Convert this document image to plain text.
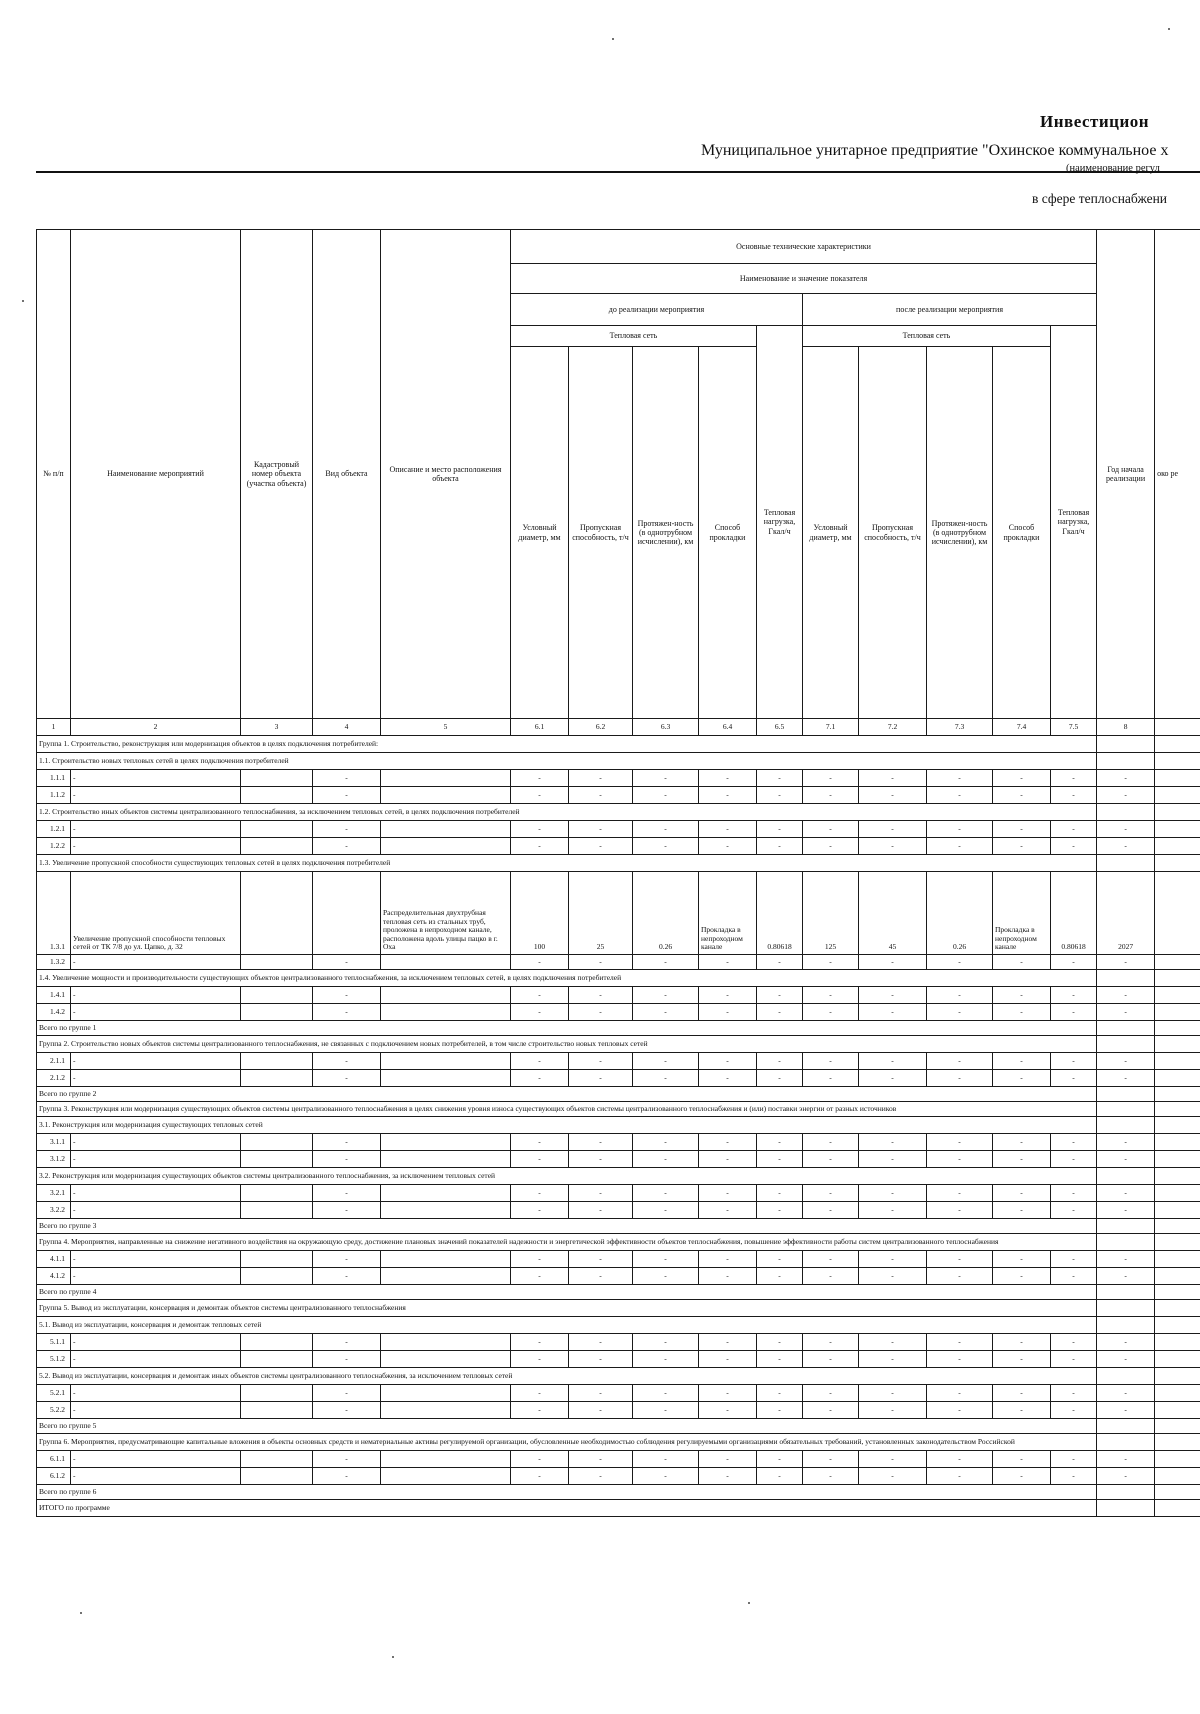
Инвестицион
Муниципальное унитарное предприятие "Охинское коммунальное х
(наименование регул
в сфере теплоснабжени
№ п/п	Наименование мероприятий	Кадастровый номер объекта (участка объекта)	Вид объекта	Описание и место расположения объекта	Основные технические характеристики										Год начала реализации	око ре
					Наименование и значение показателя											
					до реализации мероприятия					после реализации мероприятия						
					Тепловая сеть				Тепловая нагрузка, Гкал/ч	Тепловая сеть				Тепловая нагрузка, Гкал/ч		
					Условный диаметр, мм	Пропускная способность, т/ч	Протяжен-ность (в однотрубном исчислении), км	Способ прокладки		Условный диаметр, мм	Пропускная способность, т/ч	Протяжен-ность (в однотрубном исчислении), км	Способ прокладки			
1	2	3	4	5	6.1	6.2	6.3	6.4	6.5	7.1	7.2	7.3	7.4	7.5	8	
Группа 1. Строительство, реконструкция или модернизация объектов в целях подключения потребителей:																
1.1. Строительство новых тепловых сетей в целях подключения потребителей																
1.1.1	-		-		-	-	-	-	-	-	-	-	-	-	-	
1.1.2	-		-		-	-	-	-	-	-	-	-	-	-	-	
1.2. Строительство иных объектов системы централизованного теплоснабжения, за исключением тепловых сетей, в целях подключения потребителей																
1.2.1	-		-		-	-	-	-	-	-	-	-	-	-	-	
1.2.2	-		-		-	-	-	-	-	-	-	-	-	-	-	
1.3. Увеличение пропускной способности существующих тепловых сетей в целях подключения потребителей																
1.3.1	Увеличение пропускной способности тепловых сетей от ТК 7/8 до ул. Цапко, д. 32			Распределительная двухтрубная тепловая сеть из стальных труб, проложена в непроходном канале, расположена вдоль улицы пацко в г. Оха	100	25	0.26	Прокладка в непроходном канале	0.80618	125	45	0.26	Прокладка в непроходном канале	0.80618	2027	
1.3.2	-		-		-	-	-	-	-	-	-	-	-	-	-	
1.4. Увеличение мощности и производительности существующих объектов централизованного теплоснабжения, за исключением тепловых сетей, в целях подключения потребителей																
1.4.1	-		-		-	-	-	-	-	-	-	-	-	-	-	
1.4.2	-		-		-	-	-	-	-	-	-	-	-	-	-	
Всего по группе 1																
Группа 2. Строительство новых объектов системы централизованного теплоснабжения, не связанных с подключением новых потребителей, в том числе строительство новых тепловых сетей																
2.1.1	-		-		-	-	-	-	-	-	-	-	-	-	-	
2.1.2	-		-		-	-	-	-	-	-	-	-	-	-	-	
Всего по группе 2																
Группа 3. Реконструкция или модернизация существующих объектов системы централизованного теплоснабжения в целях снижения уровня износа существующих объектов системы централизованного теплоснабжения и (или) поставки энергии от разных источников																
3.1. Реконструкция или модернизация существующих тепловых сетей																
3.1.1	-		-		-	-	-	-	-	-	-	-	-	-	-	
3.1.2	-		-		-	-	-	-	-	-	-	-	-	-	-	
3.2. Реконструкция или модернизация существующих объектов системы централизованного теплоснабжения, за исключением тепловых сетей																
3.2.1	-		-		-	-	-	-	-	-	-	-	-	-	-	
3.2.2	-		-		-	-	-	-	-	-	-	-	-	-	-	
Всего по группе 3																
Группа 4. Мероприятия, направленные на снижение негативного воздействия на окружающую среду, достижение плановых значений показателей надежности и энергетической эффективности объектов теплоснабжения, повышение эффективности работы систем централизованного теплоснабжения																
4.1.1	-		-		-	-	-	-	-	-	-	-	-	-	-	
4.1.2	-		-		-	-	-	-	-	-	-	-	-	-	-	
Всего по группе 4																
Группа 5. Вывод из эксплуатации, консервация и демонтаж объектов системы централизованного теплоснабжения																
5.1. Вывод из эксплуатации, консервация и демонтаж тепловых сетей																
5.1.1	-		-		-	-	-	-	-	-	-	-	-	-	-	
5.1.2	-		-		-	-	-	-	-	-	-	-	-	-	-	
5.2. Вывод из эксплуатации, консервация и демонтаж иных объектов системы централизованного теплоснабжения, за исключением тепловых сетей																
5.2.1	-		-		-	-	-	-	-	-	-	-	-	-	-	
5.2.2	-		-		-	-	-	-	-	-	-	-	-	-	-	
Всего по группе 5																
Группа 6. Мероприятия, предусматривающие капитальные вложения в объекты основных средств и нематериальные активы регулируемой организации, обусловленные необходимостью соблюдения регулируемыми организациями обязательных требований, установленных законодательством Российской																
6.1.1	-		-		-	-	-	-	-	-	-	-	-	-	-	
6.1.2	-		-		-	-	-	-	-	-	-	-	-	-	-	
Всего по группе 6																
ИТОГО по программе																
